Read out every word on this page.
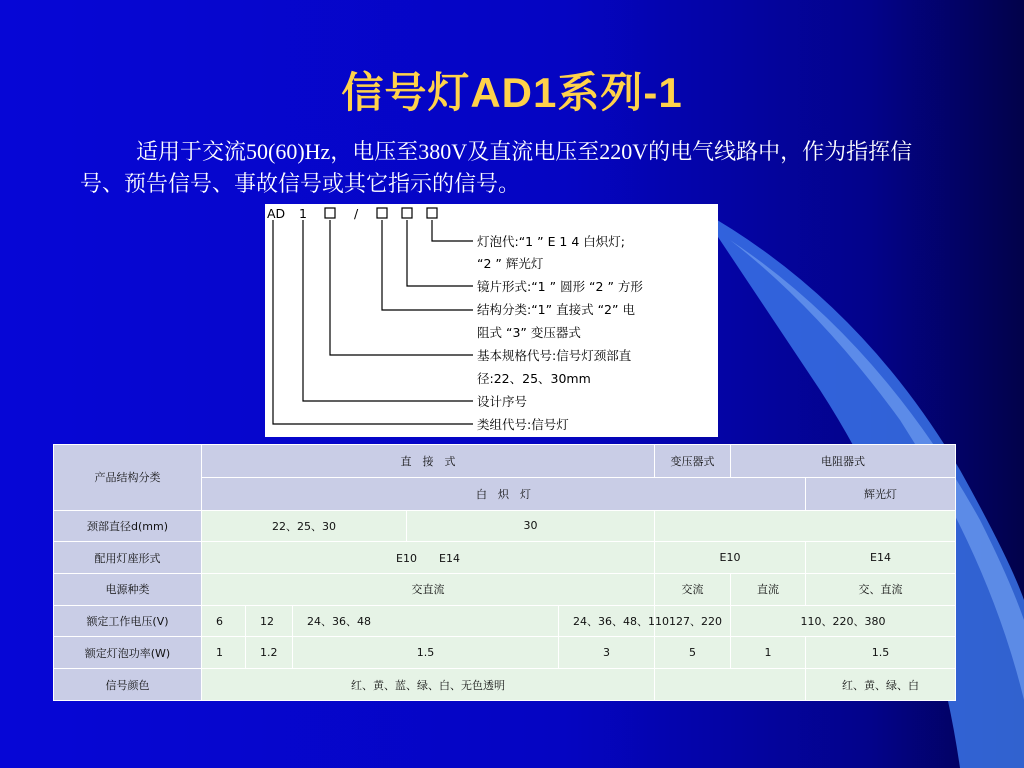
信号灯AD1系列-1
适用于交流50(60)Hz，电压至380V及直流电压至220V的电气线路中，作为指挥信号、预告信号、事故信号或其它指示的信号。
AD 1	/
灯泡代:“1 ” E 1 4 白炽灯;
“2 ” 辉光灯
镜片形式:“1 ” 圆形 “2 ” 方形
结构分类:“1” 直接式 “2” 电
阻式 “3” 变压器式
基本规格代号:信号灯颈部直
径:22、25、30mm
设计序号
类组代号:信号灯
产品结构分类	直　接　式					变压器式	电阻器式		
	白　炽　灯							辉光灯	
颈部直径d(mm)	22、25、30			30					
配用灯座形式	E10　　E14					E10		E14	
电源种类	交直流					交流	直流	交、直流	
额定工作电压(V)	6	12	24、36、48		24、36、48、110	127、220	110、220、380	
额定灯泡功率(W)	1	1.2	1.5		3	5	1	1.5	
信号颜色	红、黄、蓝、绿、白、无色透明							红、黄、绿、白	
